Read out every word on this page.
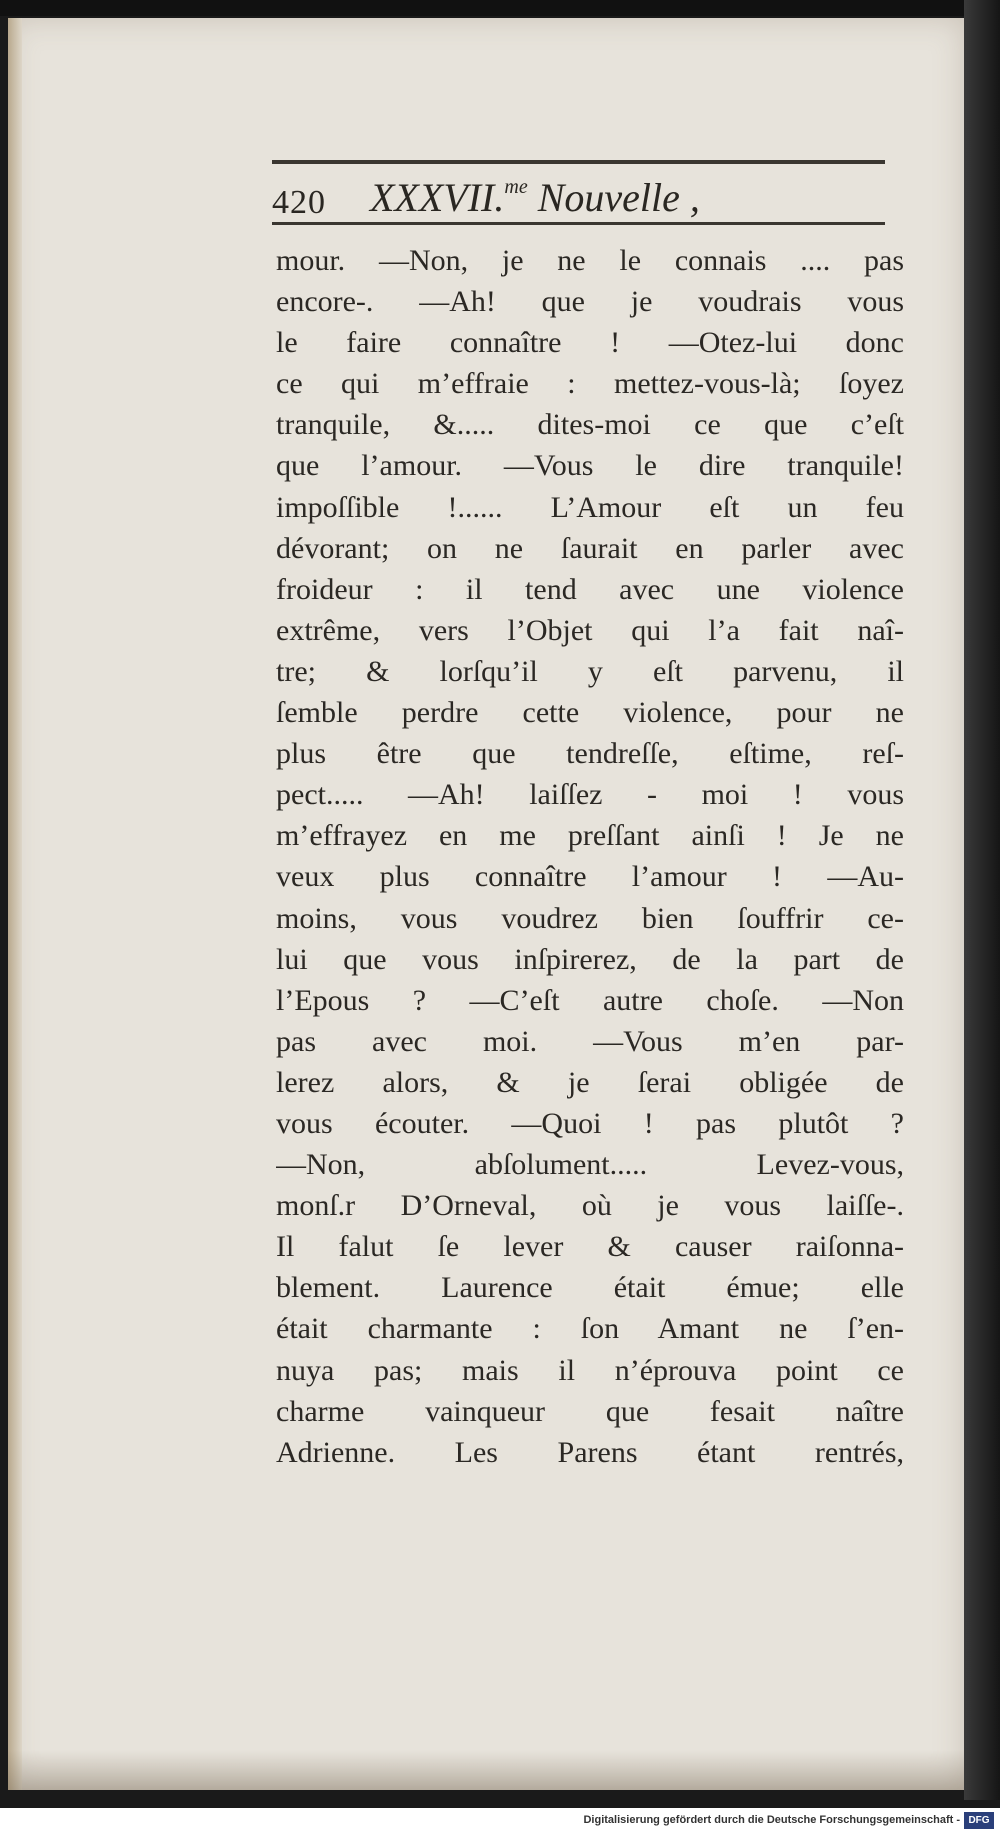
420 XXXVII.$^{me}$ Nouvelle ,
mour. —Non, je ne le connais .... pas
encore-. —Ah! que je voudrais vous
le faire connaître ! —Otez-lui donc
ce qui m’effraie : mettez-vous-là; ſoyez
tranquile, &..... dites-moi ce que c’eſt
que l’amour. —Vous le dire tranquile!
impoſſible !...... L’Amour eſt un feu
dévorant; on ne ſaurait en parler avec
froideur : il tend avec une violence
extrême, vers l’Objet qui l’a fait naî-
tre; & lorſqu’il y eſt parvenu, il
ſemble perdre cette violence, pour ne
plus être que tendreſſe, eſtime, reſ-
pect..... —Ah! laiſſez - moi ! vous
m’effrayez en me preſſant ainſi ! Je ne
veux plus connaître l’amour ! —Au-
moins, vous voudrez bien ſouffrir ce-
lui que vous inſpirerez, de la part de
l’Epous ? —C’eſt autre choſe. —Non
pas avec moi. —Vous m’en par-
lerez alors, & je ſerai obligée de
vous écouter. —Quoi ! pas plutôt ?
—Non, abſolument..... Levez-vous,
monſ.r D’Orneval, où je vous laiſſe-.
Il falut ſe lever & causer raiſonna-
blement. Laurence était émue; elle
était charmante : ſon Amant ne ſ’en-
nuya pas; mais il n’éprouva point ce
charme vainqueur que fesait naître
Adrienne. Les Parens étant rentrés,
Digitalisierung gefördert durch die Deutsche Forschungsgemeinschaft - DFG
